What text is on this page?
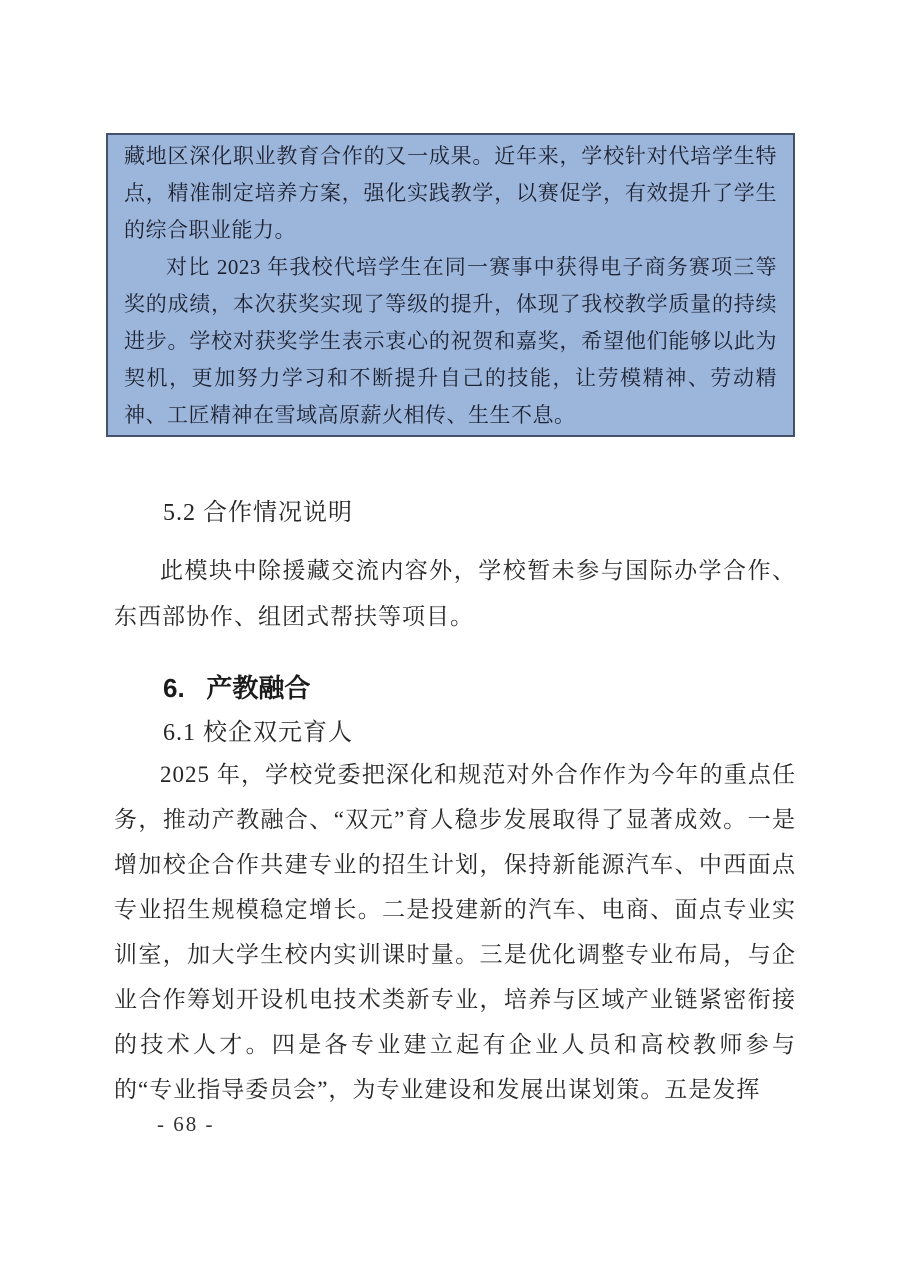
藏地区深化职业教育合作的又一成果。近年来，学校针对代培学生特点，精准制定培养方案，强化实践教学，以赛促学，有效提升了学生的综合职业能力。

对比 2023 年我校代培学生在同一赛事中获得电子商务赛项三等奖的成绩，本次获奖实现了等级的提升，体现了我校教学质量的持续进步。学校对获奖学生表示衷心的祝贺和嘉奖，希望他们能够以此为契机，更加努力学习和不断提升自己的技能，让劳模精神、劳动精神、工匠精神在雪域高原薪火相传、生生不息。

5.2 合作情况说明

此模块中除援藏交流内容外，学校暂未参与国际办学合作、东西部协作、组团式帮扶等项目。

6.   产教融合
6.1 校企双元育人

2025 年，学校党委把深化和规范对外合作作为今年的重点任务，推动产教融合、“双元”育人稳步发展取得了显著成效。一是增加校企合作共建专业的招生计划，保持新能源汽车、中西面点专业招生规模稳定增长。二是投建新的汽车、电商、面点专业实训室，加大学生校内实训课时量。三是优化调整专业布局，与企业合作筹划开设机电技术类新专业，培养与区域产业链紧密衔接的技术人才。四是各专业建立起有企业人员和高校教师参与的“专业指导委员会”，为专业建设和发展出谋划策。五是发挥

- 68 -
